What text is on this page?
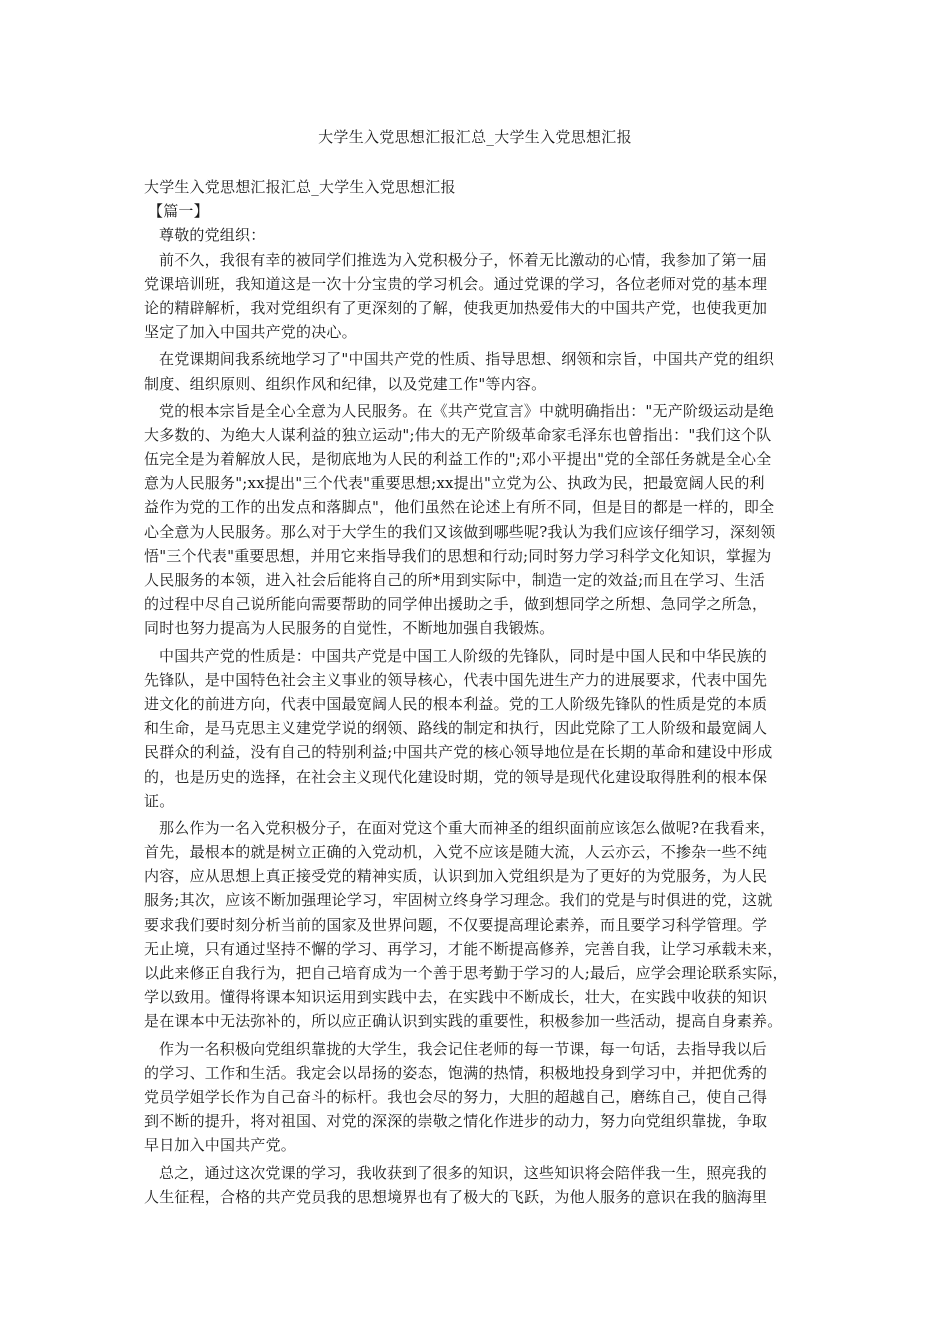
大学生入党思想汇报汇总_大学生入党思想汇报
大学生入党思想汇报汇总_大学生入党思想汇报
【篇一】
尊敬的党组织：
前不久，我很有幸的被同学们推选为入党积极分子，怀着无比激动的心情，我参加了第一届
党课培训班，我知道这是一次十分宝贵的学习机会。通过党课的学习，各位老师对党的基本理
论的精辟解析，我对党组织有了更深刻的了解，使我更加热爱伟大的中国共产党，也使我更加
坚定了加入中国共产党的决心。
在党课期间我系统地学习了"中国共产党的性质、指导思想、纲领和宗旨，中国共产党的组织
制度、组织原则、组织作风和纪律，以及党建工作"等内容。
党的根本宗旨是全心全意为人民服务。在《共产党宣言》中就明确指出："无产阶级运动是绝
大多数的、为绝大人谋利益的独立运动";伟大的无产阶级革命家毛泽东也曾指出："我们这个队
伍完全是为着解放人民，是彻底地为人民的利益工作的";邓小平提出"党的全部任务就是全心全
意为人民服务";xx提出"三个代表"重要思想;xx提出"立党为公、执政为民，把最宽阔人民的利
益作为党的工作的出发点和落脚点"，他们虽然在论述上有所不同，但是目的都是一样的，即全
心全意为人民服务。那么对于大学生的我们又该做到哪些呢?我认为我们应该仔细学习，深刻领
悟"三个代表"重要思想，并用它来指导我们的思想和行动;同时努力学习科学文化知识，掌握为
人民服务的本领，进入社会后能将自己的所*用到实际中，制造一定的效益;而且在学习、生活
的过程中尽自己说所能向需要帮助的同学伸出援助之手，做到想同学之所想、急同学之所急，
同时也努力提高为人民服务的自觉性，不断地加强自我锻炼。
中国共产党的性质是：中国共产党是中国工人阶级的先锋队，同时是中国人民和中华民族的
先锋队，是中国特色社会主义事业的领导核心，代表中国先进生产力的进展要求，代表中国先
进文化的前进方向，代表中国最宽阔人民的根本利益。党的工人阶级先锋队的性质是党的本质
和生命，是马克思主义建党学说的纲领、路线的制定和执行，因此党除了工人阶级和最宽阔人
民群众的利益，没有自己的特别利益;中国共产党的核心领导地位是在长期的革命和建设中形成
的，也是历史的选择，在社会主义现代化建设时期，党的领导是现代化建设取得胜利的根本保
证。
那么作为一名入党积极分子，在面对党这个重大而神圣的组织面前应该怎么做呢?在我看来，
首先，最根本的就是树立正确的入党动机，入党不应该是随大流，人云亦云，不掺杂一些不纯
内容，应从思想上真正接受党的精神实质，认识到加入党组织是为了更好的为党服务，为人民
服务;其次，应该不断加强理论学习，牢固树立终身学习理念。我们的党是与时俱进的党，这就
要求我们要时刻分析当前的国家及世界问题，不仅要提高理论素养，而且要学习科学管理。学
无止境，只有通过坚持不懈的学习、再学习，才能不断提高修养，完善自我，让学习承载未来，
以此来修正自我行为，把自己培育成为一个善于思考勤于学习的人;最后，应学会理论联系实际，
学以致用。懂得将课本知识运用到实践中去，在实践中不断成长，壮大，在实践中收获的知识
是在课本中无法弥补的，所以应正确认识到实践的重要性，积极参加一些活动，提高自身素养。
作为一名积极向党组织靠拢的大学生，我会记住老师的每一节课，每一句话，去指导我以后
的学习、工作和生活。我定会以昂扬的姿态，饱满的热情，积极地投身到学习中，并把优秀的
党员学姐学长作为自己奋斗的标杆。我也会尽的努力，大胆的超越自己，磨练自己，使自己得
到不断的提升，将对祖国、对党的深深的崇敬之情化作进步的动力，努力向党组织靠拢，争取
早日加入中国共产党。
总之，通过这次党课的学习，我收获到了很多的知识，这些知识将会陪伴我一生，照亮我的
人生征程，合格的共产党员我的思想境界也有了极大的飞跃，为他人服务的意识在我的脑海里
